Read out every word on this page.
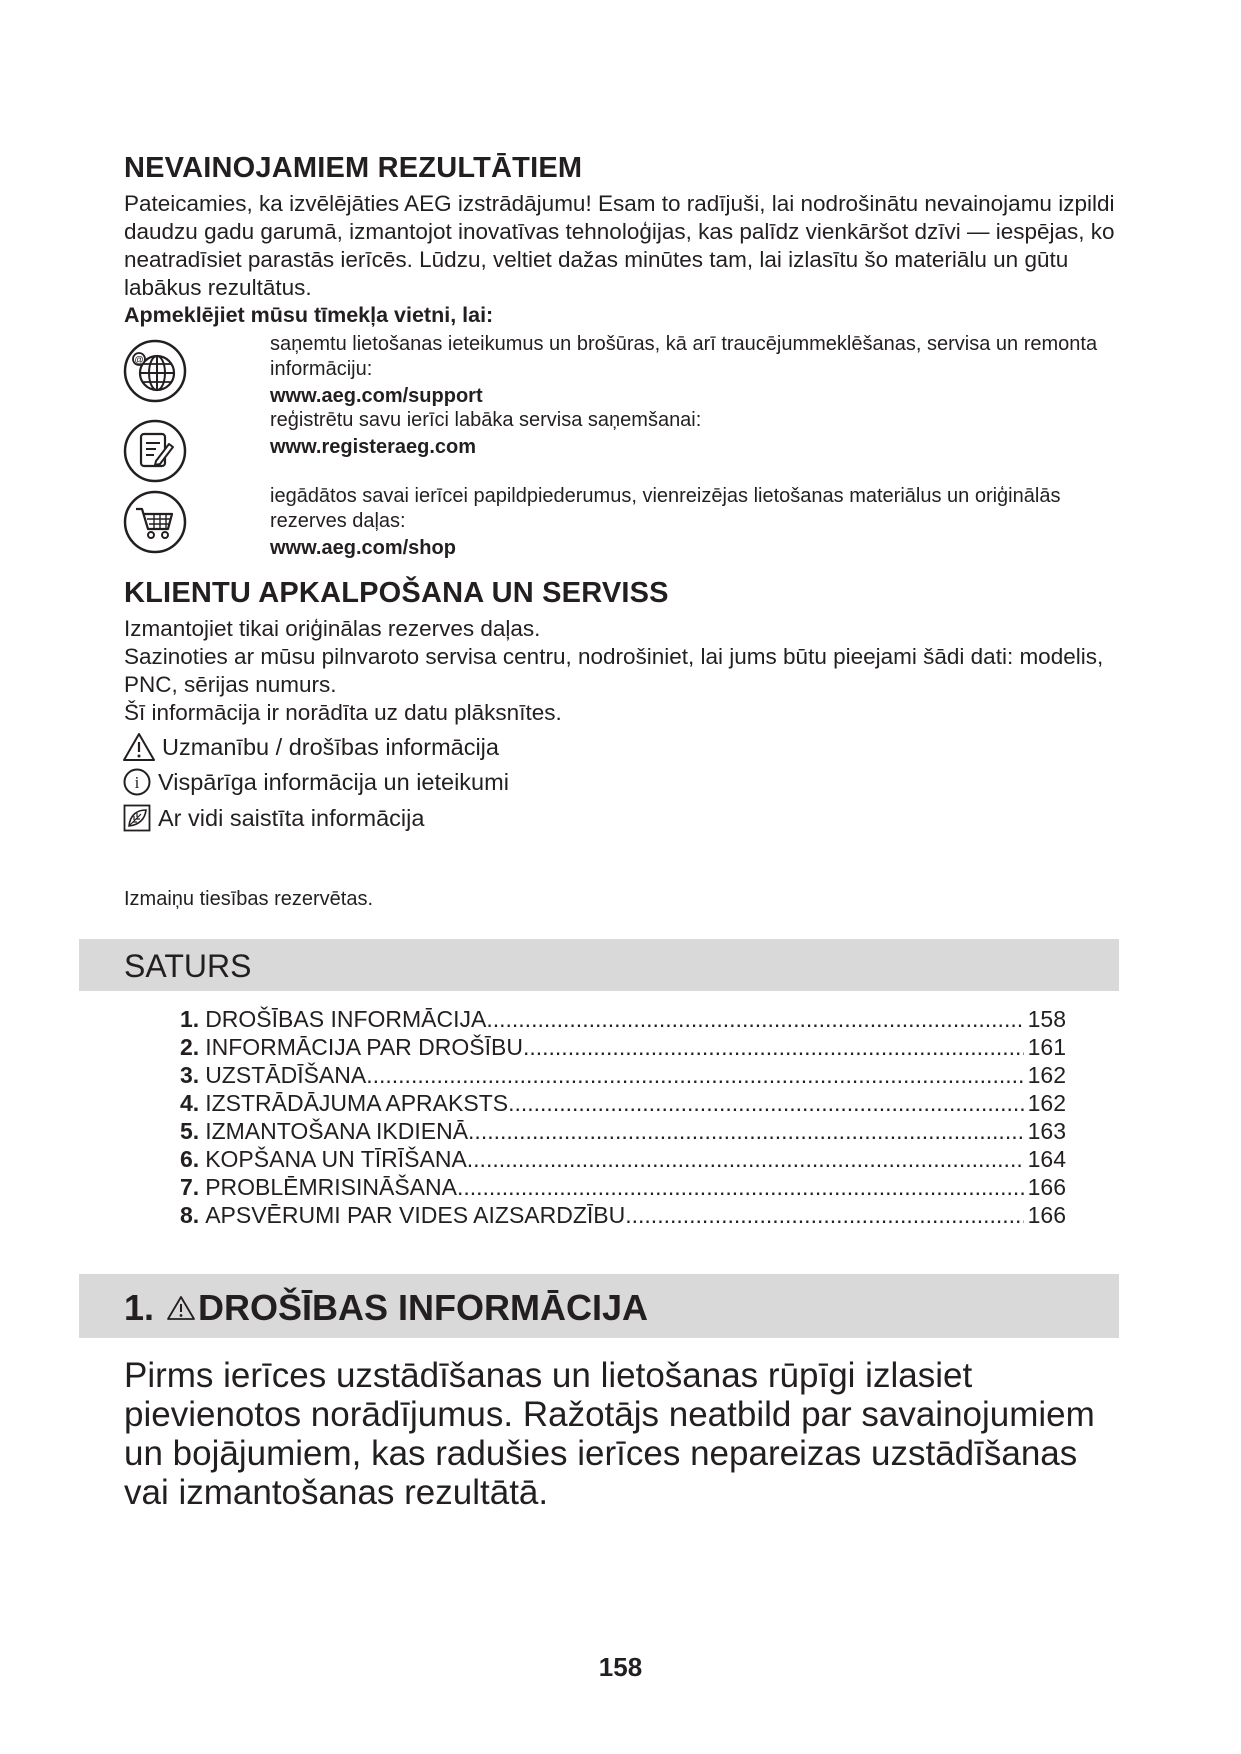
NEVAINOJAMIEM REZULTĀTIEM

Pateicamies, ka izvēlējāties AEG izstrādājumu! Esam to radījuši, lai nodrošinātu nevainojamu izpildi daudzu gadu garumā, izmantojot inovatīvas tehnoloģijas, kas palīdz vienkāršot dzīvi — iespējas, ko neatradīsiet parastās ierīcēs. Lūdzu, veltiet dažas minūtes tam, lai izlasītu šo materiālu un gūtu labākus rezultātus.

Apmeklējiet mūsu tīmekļa vietni, lai:

@
saņemtu lietošanas ieteikumus un brošūras, kā arī traucējummeklēšanas, servisa un remonta informāciju:
www.aeg.com/support
reģistrētu savu ierīci labāka servisa saņemšanai:
www.registeraeg.com
iegādātos savai ierīcei papildpiederumus, vienreizējas lietošanas materiālus un oriģinālās rezerves daļas:
www.aeg.com/shop
KLIENTU APKALPOŠANA UN SERVISS

Izmantojiet tikai oriģinālas rezerves daļas.

Sazinoties ar mūsu pilnvaroto servisa centru, nodrošiniet, lai jums būtu pieejami šādi dati: modelis, PNC, sērijas numurs.

Šī informācija ir norādīta uz datu plāksnītes.

Uzmanību / drošības informācija
i Vispārīga informācija un ieteikumi
Ar vidi saistīta informācija

Izmaiņu tiesības rezervētas.

SATURS
1. DROŠĪBAS INFORMĀCIJA .....	158
2. INFORMĀCIJA PAR DROŠĪBU .....	161
3. UZSTĀDĪŠANA .....	162
4. IZSTRĀDĀJUMA APRAKSTS .....	162
5. IZMANTOŠANA IKDIENĀ .....	163
6. KOPŠANA UN TĪRĪŠANA .....	164
7. PROBLĒMRISINĀŠANA .....	166
8. APSVĒRUMI PAR VIDES AIZSARDZĪBU .....	166
1. DROŠĪBAS INFORMĀCIJA

Pirms ierīces uzstādīšanas un lietošanas rūpīgi izlasiet pievienotos norādījumus. Ražotājs neatbild par savainojumiem un bojājumiem, kas radušies ierīces nepareizas uzstādīšanas vai izmantošanas rezultātā.

158
